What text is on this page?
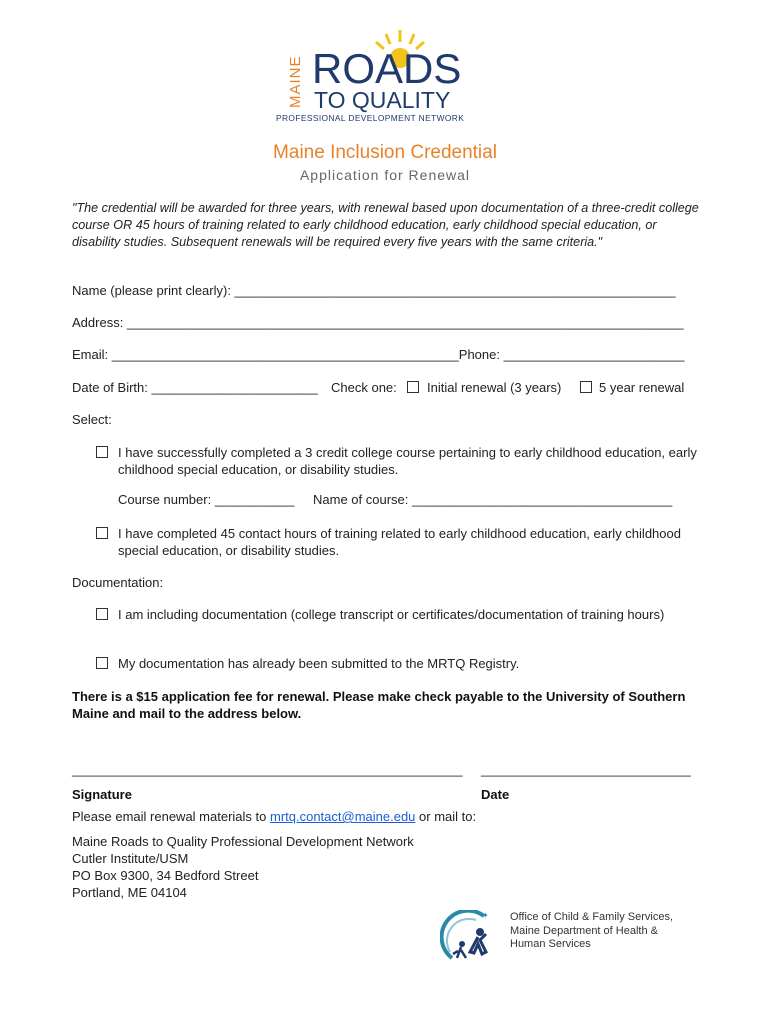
MAINE ROADS
TO QUALITY
PROFESSIONAL DEVELOPMENT NETWORK
Maine Inclusion Credential
Application for Renewal
"The credential will be awarded for three years, with renewal based upon documentation of a three-credit college course OR 45 hours of training related to early childhood education, early childhood special education, or disability studies. Subsequent renewals will be required every five years with the same criteria."
Name (please print clearly): _____________________________________________________________
Address: _____________________________________________________________________________
Email: ________________________________________________Phone: _________________________
Date of Birth: _______________________ Check one: Initial renewal (3 years)	5 year renewal
Select:
I have successfully completed a 3 credit college course pertaining to early childhood education, early childhood special education, or disability studies.
Course number: ___________ Name of course: ____________________________________
I have completed 45 contact hours of training related to early childhood education, early childhood special education, or disability studies.
Documentation:
I am including documentation (college transcript or certificates/documentation of training hours)
My documentation has already been submitted to the MRTQ Registry.
There is a $15 application fee for renewal. Please make check payable to the University of Southern Maine and mail to the address below.
______________________________________________________ _____________________________
Signature	Date
Please email renewal materials to mrtq.contact@maine.edu or mail to:
Maine Roads to Quality Professional Development Network
Cutler Institute/USM
PO Box 9300, 34 Bedford Street
Portland, ME 04104
✦ Office of Child & Family Services,
Maine Department of Health &
Human Services
